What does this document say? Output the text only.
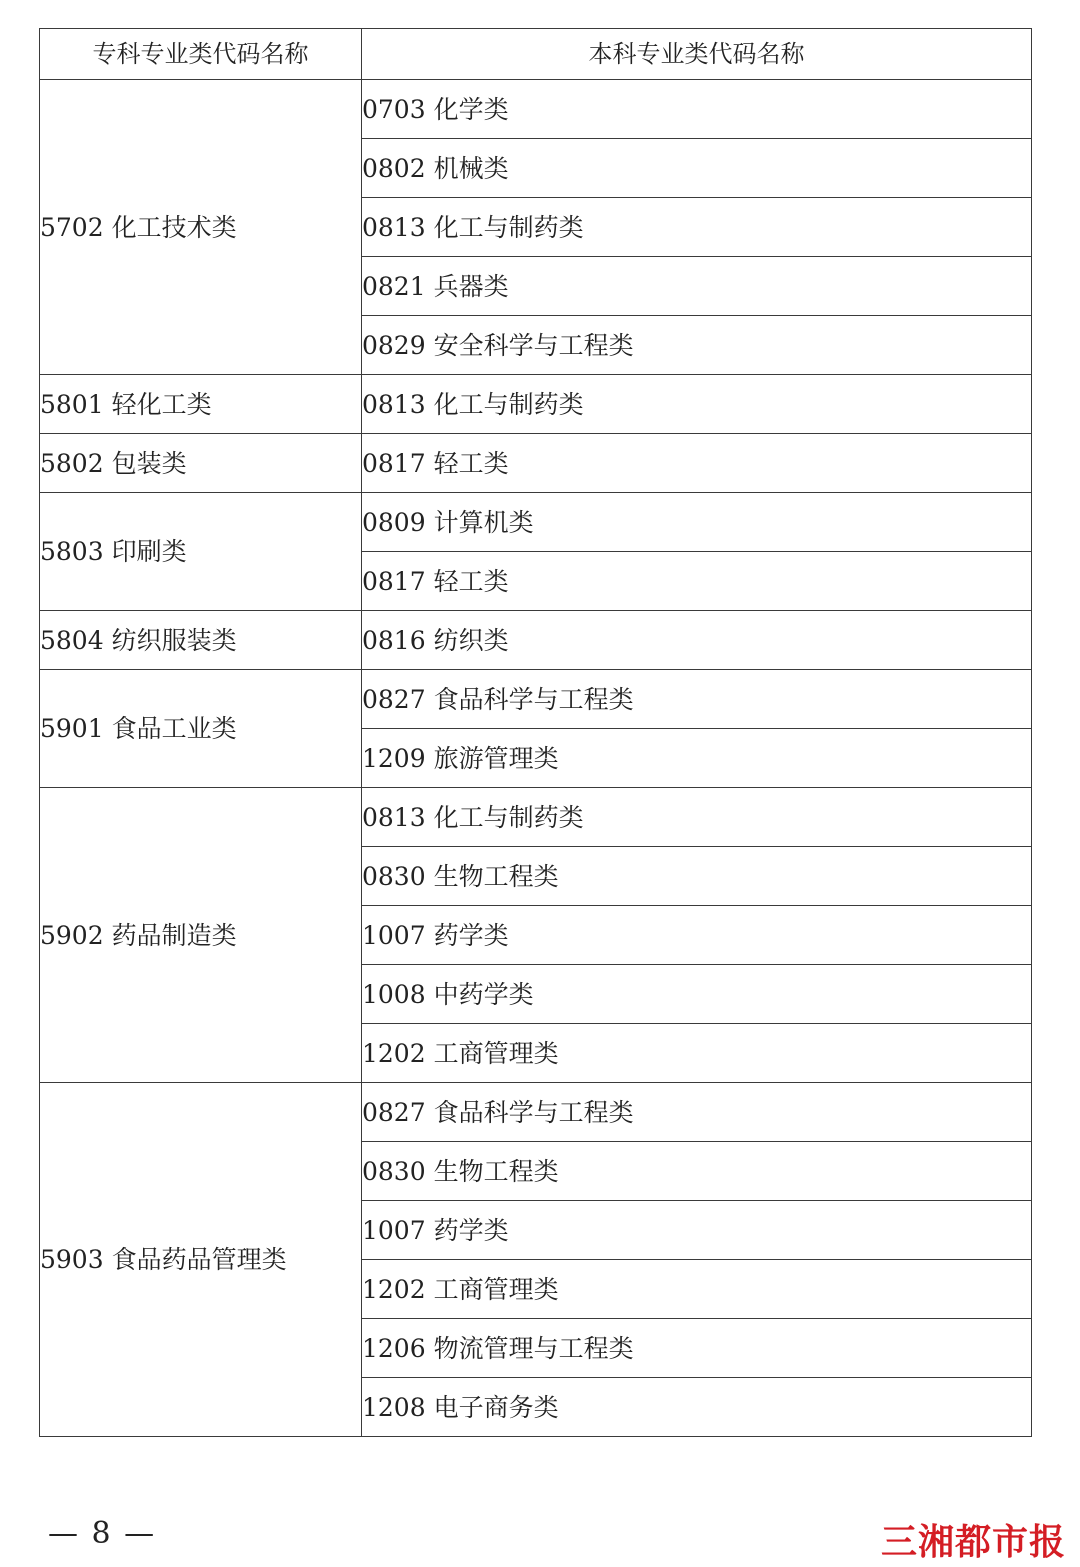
专科专业类代码名称	本科专业类代码名称
5702 化工技术类	0703 化学类
	0802 机械类
	0813 化工与制药类
	0821 兵器类
	0829 安全科学与工程类
5801 轻化工类	0813 化工与制药类
5802 包装类	0817 轻工类
5803 印刷类	0809 计算机类
	0817 轻工类
5804 纺织服装类	0816 纺织类
5901 食品工业类	0827 食品科学与工程类
	1209 旅游管理类
5902 药品制造类	0813 化工与制药类
	0830 生物工程类
	1007 药学类
	1008 中药学类
	1202 工商管理类
5903 食品药品管理类	0827 食品科学与工程类
	0830 生物工程类
	1007 药学类
	1202 工商管理类
	1206 物流管理与工程类
	1208 电子商务类
— 8 —	三湘都市报
